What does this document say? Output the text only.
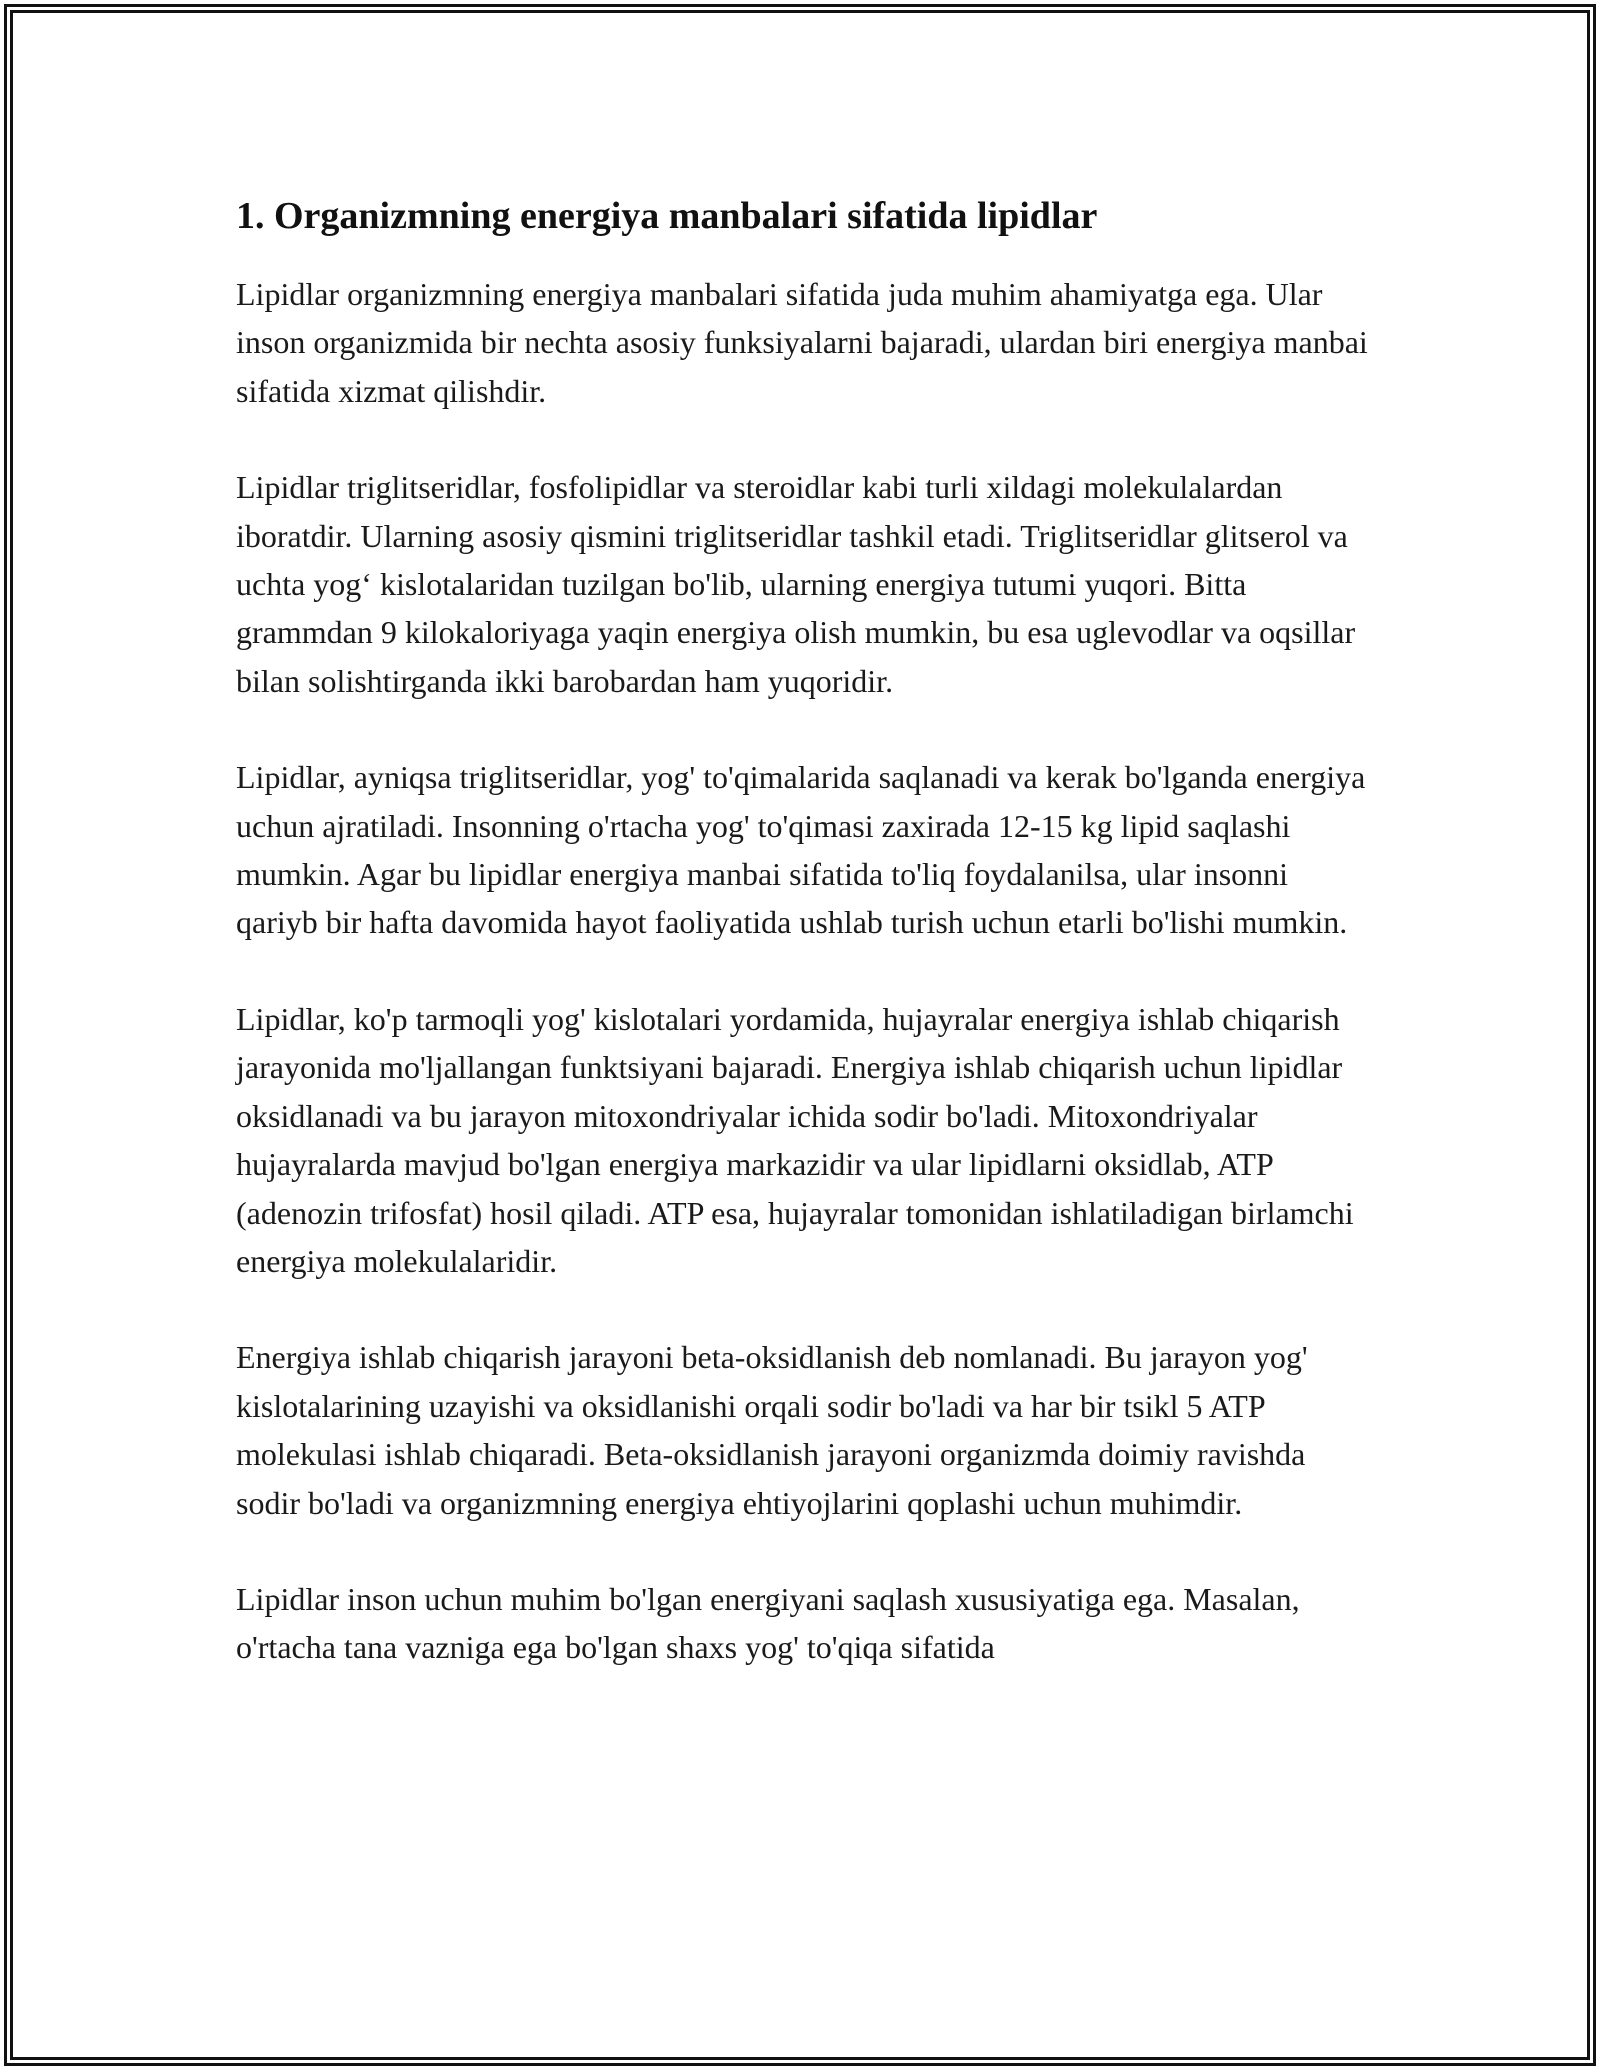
1. Organizmning energiya manbalari sifatida lipidlar

Lipidlar organizmning energiya manbalari sifatida juda muhim ahamiyatga ega. Ular inson organizmida bir nechta asosiy funksiyalarni bajaradi, ulardan biri energiya manbai sifatida xizmat qilishdir.

Lipidlar triglitseridlar, fosfolipidlar va steroidlar kabi turli xildagi molekulalardan iboratdir. Ularning asosiy qismini triglitseridlar tashkil etadi. Triglitseridlar glitserol va uchta yog‘ kislotalaridan tuzilgan bo'lib, ularning energiya tutumi yuqori. Bitta grammdan 9 kilokaloriyaga yaqin energiya olish mumkin, bu esa uglevodlar va oqsillar bilan solishtirganda ikki barobardan ham yuqoridir.

Lipidlar, ayniqsa triglitseridlar, yog' to'qimalarida saqlanadi va kerak bo'lganda energiya uchun ajratiladi. Insonning o'rtacha yog' to'qimasi zaxirada 12-15 kg lipid saqlashi mumkin. Agar bu lipidlar energiya manbai sifatida to'liq foydalanilsa, ular insonni qariyb bir hafta davomida hayot faoliyatida ushlab turish uchun etarli bo'lishi mumkin.

Lipidlar, ko'p tarmoqli yog' kislotalari yordamida, hujayralar energiya ishlab chiqarish jarayonida mo'ljallangan funktsiyani bajaradi. Energiya ishlab chiqarish uchun lipidlar oksidlanadi va bu jarayon mitoxondriyalar ichida sodir bo'ladi. Mitoxondriyalar hujayralarda mavjud bo'lgan energiya markazidir va ular lipidlarni oksidlab, ATP (adenozin trifosfat) hosil qiladi. ATP esa, hujayralar tomonidan ishlatiladigan birlamchi energiya molekulalaridir.

Energiya ishlab chiqarish jarayoni beta-oksidlanish deb nomlanadi. Bu jarayon yog' kislotalarining uzayishi va oksidlanishi orqali sodir bo'ladi va har bir tsikl 5 ATP molekulasi ishlab chiqaradi. Beta-oksidlanish jarayoni organizmda doimiy ravishda sodir bo'ladi va organizmning energiya ehtiyojlarini qoplashi uchun muhimdir.

Lipidlar inson uchun muhim bo'lgan energiyani saqlash xususiyatiga ega. Masalan, o'rtacha tana vazniga ega bo'lgan shaxs yog' to'qiqa sifatida
